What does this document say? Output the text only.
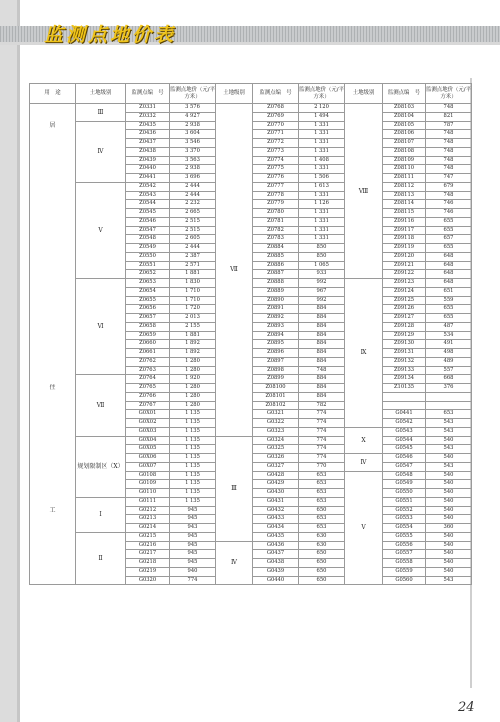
监测点地价表
用　途	土地级别	监测点编　号	监测点地价（元/平方米）	土地级别	监测点编　号	监测点地价（元/平方米）	土地级别	监测点编　号	监测点地价（元/平方米）
	Ⅲ	Z0331	3 576	Ⅶ	Z0768	2 120	Ⅷ	Z08103	748
		Z0332	4 927		Z0769	1 494		Z08104	821
居	Ⅳ	Z0435	2 938		Z0770	1 331		Z08105	787
		Z0436	3 604		Z0771	1 331		Z08106	748
		Z0437	3 546		Z0772	1 331		Z08107	748
		Z0438	3 370		Z0773	1 331		Z08108	748
		Z0439	3 563		Z0774	1 408		Z08109	748
		Z0440	2 938		Z0775	1 331		Z08110	748
		Z0441	3 696		Z0776	1 506		Z08111	747
	Ⅴ	Z0542	2 444		Z0777	1 613		Z08112	679
		Z0543	2 444		Z0778	1 331		Z08113	748
		Z0544	2 232		Z0779	1 126		Z08114	746
		Z0545	2 665		Z0780	1 331		Z08115	746
		Z0546	2 515		Z0781	1 331		Z09116	655
		Z0547	2 515		Z0782	1 331		Z09117	655
		Z0548	2 605		Z0783	1 331		Z09118	657
		Z0549	2 444		Z0884	850		Z09119	655
		Z0550	2 387		Z0885	850		Z09120	648
		Z0551	2 571		Z0886	1 065		Z09121	648
		Z0652	1 881		Z0887	933		Z09122	648
	Ⅵ	Z0653	1 830		Z0888	992	Ⅸ	Z09123	648
		Z0654	1 710		Z0889	967		Z09124	651
		Z0655	1 710		Z0890	992		Z09125	559
		Z0656	1 720		Z0891	884		Z09126	655
		Z0657	2 013		Z0892	884		Z09127	655
		Z0658	2 155		Z0893	884		Z09128	487
		Z0659	1 881		Z0894	884		Z09129	534
		Z0660	1 892		Z0895	884		Z09130	491
		Z0661	1 892		Z0896	884		Z09131	498
		Z0762	1 280		Z0897	884		Z09132	489
		Z0763	1 280		Z0898	748		Z09133	557
	Ⅶ	Z0764	1 920		Z0899	884		Z09134	668
住		Z0765	1 280		Z08100	884		Z10135	376
		Z0766	1 280		Z08101	884			
		Z0767	1 280		Z08102	782			
		G0X01	1 135		G0321	774		G0441	653
		G0X02	1 135		G0322	774		G0542	543
		G0X03	1 135		G0323	774	Ⅹ	G0543	543
	规划限制区（X）	G0X04	1 135	Ⅲ	G0324	774		G0544	540
		G0X05	1 135		G0325	774		G0545	543
		G0X06	1 135		G0326	774	Ⅳ	G0546	540
		G0X07	1 135		G0327	770		G0547	543
		G0108	1 135		G0428	653	Ⅴ	G0548	540
		G0109	1 135		G0429	653		G0549	540
		G0110	1 135		G0430	653		G0550	540
	Ⅰ	G0111	1 135		G0431	653		G0551	540
工		G0212	945		G0432	650		G0552	540
		G0213	945		G0433	653		G0553	540
		G0214	943		G0434	653		G0554	360
	Ⅱ	G0215	945		G0435	630		G0555	540
		G0216	945	Ⅳ	G0436	630		G0556	540
		G0217	945		G0437	650		G0557	540
		G0218	945		G0438	650		G0558	540
		G0219	940		G0439	650		G0559	540
		G0320	774		G0440	650		G0560	543
24
